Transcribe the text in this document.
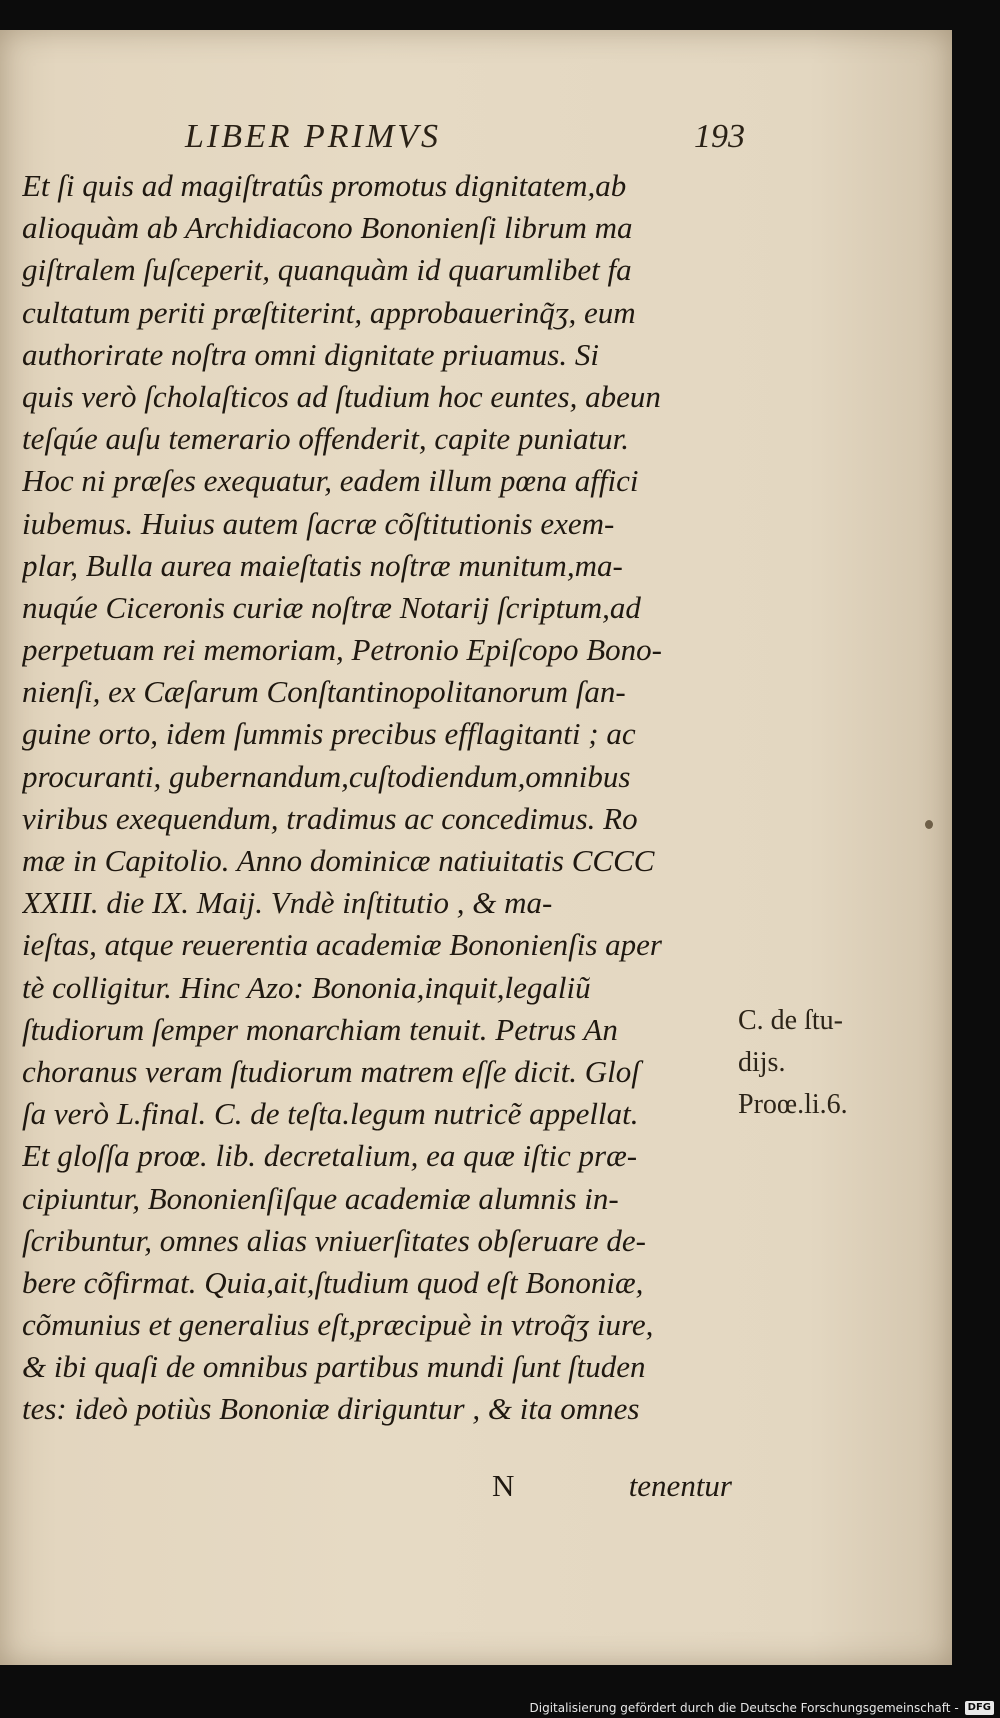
LIBER PRIMVS	193
Et ſi quis ad magiſtratûs promotus dignitatem,ab
alioquàm ab Archidiacono Bononienſi librum ma
giſtralem ſuſceperit, quanquàm id quarumlibet fa
cultatum periti præſtiterint, approbauerinq̃ʒ, eum
authorirate noſtra omni dignitate priuamus. Si
quis verò ſcholaſticos ad ſtudium hoc euntes, abeun
teſqúe auſu temerario offenderit, capite puniatur.
Hoc ni præſes exequatur, eadem illum pœna affici
iubemus. Huius autem ſacræ cõſtitutionis exem-
plar, Bulla aurea maieſtatis noſtræ munitum,ma-
nuqúe Ciceronis curiæ noſtræ Notarij ſcriptum,ad
perpetuam rei memoriam, Petronio Epiſcopo Bono-
nienſi, ex Cæſarum Conſtantinopolitanorum ſan-
guine orto, idem ſummis precibus efflagitanti ; ac
procuranti, gubernandum,cuſtodiendum,omnibus
viribus exequendum, tradimus ac concedimus. Ro
mæ in Capitolio. Anno dominicæ natiuitatis CCCC
XXIII. die IX. Maij. Vndè inſtitutio , & ma-
ieſtas, atque reuerentia academiæ Bononienſis aper
tè colligitur. Hinc Azo: Bononia,inquit,legaliũ
ſtudiorum ſemper monarchiam tenuit. Petrus An
choranus veram ſtudiorum matrem eſſe dicit. Gloſ
ſa verò L.final. C. de teſta.legum nutricẽ appellat.
Et gloſſa proœ. lib. decretalium, ea quæ iſtic præ-
cipiuntur, Bononienſiſque academiæ alumnis in-
ſcribuntur, omnes alias vniuerſitates obſeruare de-
bere cõfirmat. Quia,ait,ſtudium quod eſt Bononiæ,
cõmunius et generalius eſt,præcipuè in vtroq̃ʒ iure,
& ibi quaſi de omnibus partibus mundi ſunt ſtuden
tes: ideò potiùs Bononiæ diriguntur , & ita omnes
C. de ſtu-
dijs.
Proœ.li.6.
N	tenentur
Digitalisierung gefördert durch die Deutsche Forschungsgemeinschaft - DFG
